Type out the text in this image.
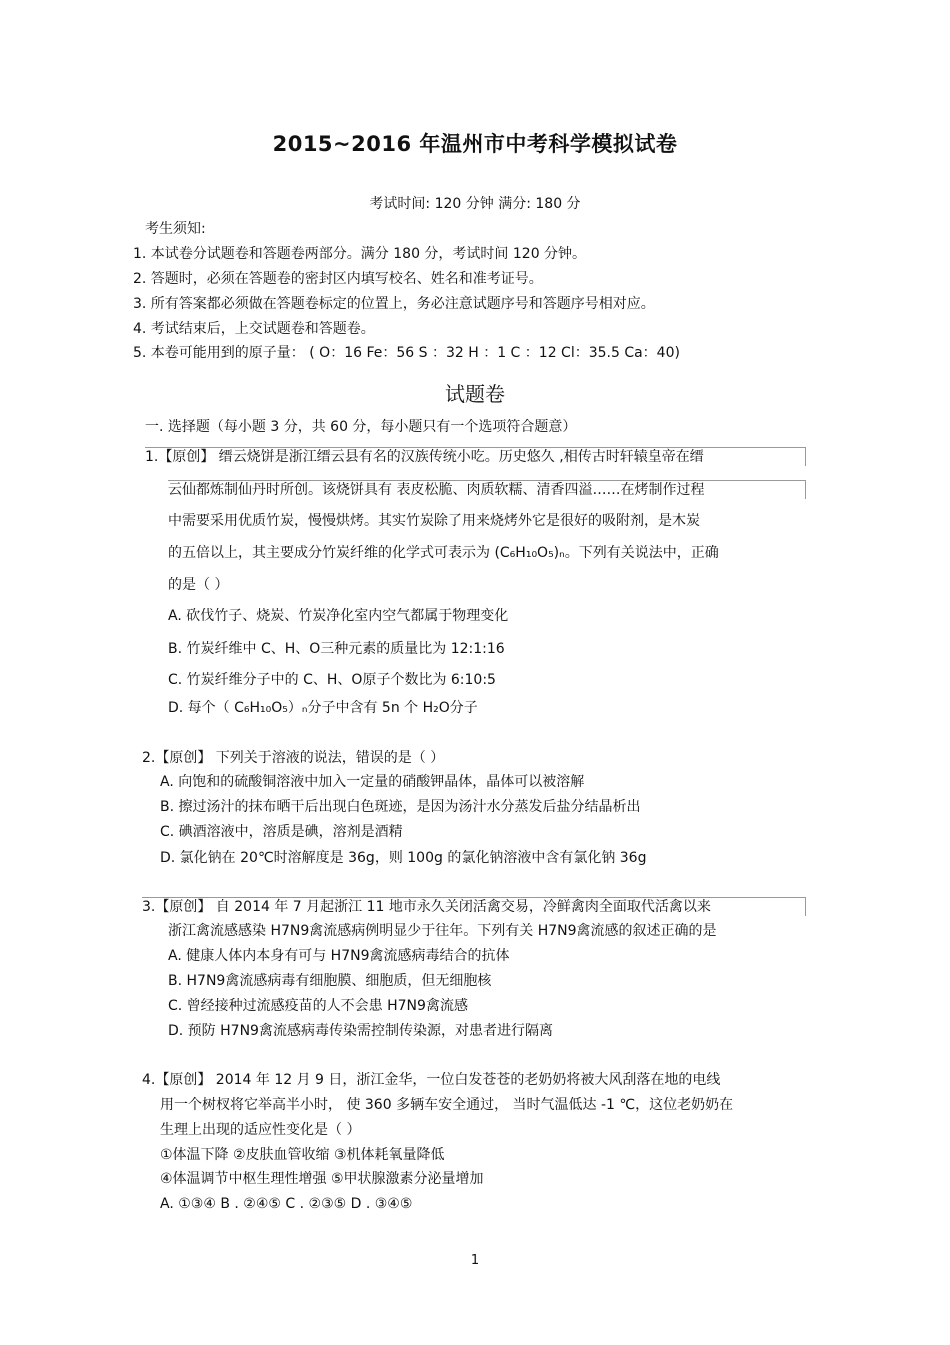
2015~2016 年温州市中考科学模拟试卷
考试时间: 120 分钟 满分: 180 分
考生须知:
1. 本试卷分试题卷和答题卷两部分。满分 180 分，考试时间 120 分钟。
2. 答题时，必须在答题卷的密封区内填写校名、姓名和准考证号。
3. 所有答案都必须做在答题卷标定的位置上，务必注意试题序号和答题序号相对应。
4. 考试结束后，上交试题卷和答题卷。
5. 本卷可能用到的原子量： ( O：16 Fe：56 S ：32 H ：1 C ：12 Cl：35.5 Ca：40)
试题卷
一. 选择题（每小题 3 分，共 60 分，每小题只有一个选项符合题意）
1.【原创】 缙云烧饼是浙江缙云县有名的汉族传统小吃。历史悠久 ,相传古时轩辕皇帝在缙
云仙都炼制仙丹时所创。该烧饼具有 表皮松脆、肉质软糯、清香四溢……在烤制作过程
中需要采用优质竹炭，慢慢烘烤。其实竹炭除了用来烧烤外它是很好的吸附剂，是木炭
的五倍以上，其主要成分竹炭纤维的化学式可表示为 (C₆H₁₀O₅)ₙ。下列有关说法中，正确
的是（ ）
A. 砍伐竹子、烧炭、竹炭净化室内空气都属于物理变化
B. 竹炭纤维中 C、H、O三种元素的质量比为 12:1:16
C. 竹炭纤维分子中的 C、H、O原子个数比为 6:10:5
D. 每个（ C₆H₁₀O₅）ₙ分子中含有 5n 个 H₂O分子
2.【原创】 下列关于溶液的说法，错误的是（ ）
A. 向饱和的硫酸铜溶液中加入一定量的硝酸钾晶体，晶体可以被溶解
B. 擦过汤汁的抹布晒干后出现白色斑迹，是因为汤汁水分蒸发后盐分结晶析出
C. 碘酒溶液中，溶质是碘，溶剂是酒精
D. 氯化钠在 20℃时溶解度是 36g，则 100g 的氯化钠溶液中含有氯化钠 36g
3.【原创】 自 2014 年 7 月起浙江 11 地市永久关闭活禽交易，冷鲜禽肉全面取代活禽以来
浙江禽流感感染 H7N9禽流感病例明显少于往年。下列有关 H7N9禽流感的叙述正确的是
A. 健康人体内本身有可与 H7N9禽流感病毒结合的抗体
B. H7N9禽流感病毒有细胞膜、细胞质，但无细胞核
C. 曾经接种过流感疫苗的人不会患 H7N9禽流感
D. 预防 H7N9禽流感病毒传染需控制传染源，对患者进行隔离
4.【原创】 2014 年 12 月 9 日，浙江金华，一位白发苍苍的老奶奶将被大风刮落在地的电线
用一个树杈将它举高半小时， 使 360 多辆车安全通过， 当时气温低达 -1 ℃，这位老奶奶在
生理上出现的适应性变化是（ ）
①体温下降 ②皮肤血管收缩 ③机体耗氧量降低
④体温调节中枢生理性增强 ⑤甲状腺激素分泌量增加
A. ①③④ B . ②④⑤ C . ②③⑤ D . ③④⑤
1
